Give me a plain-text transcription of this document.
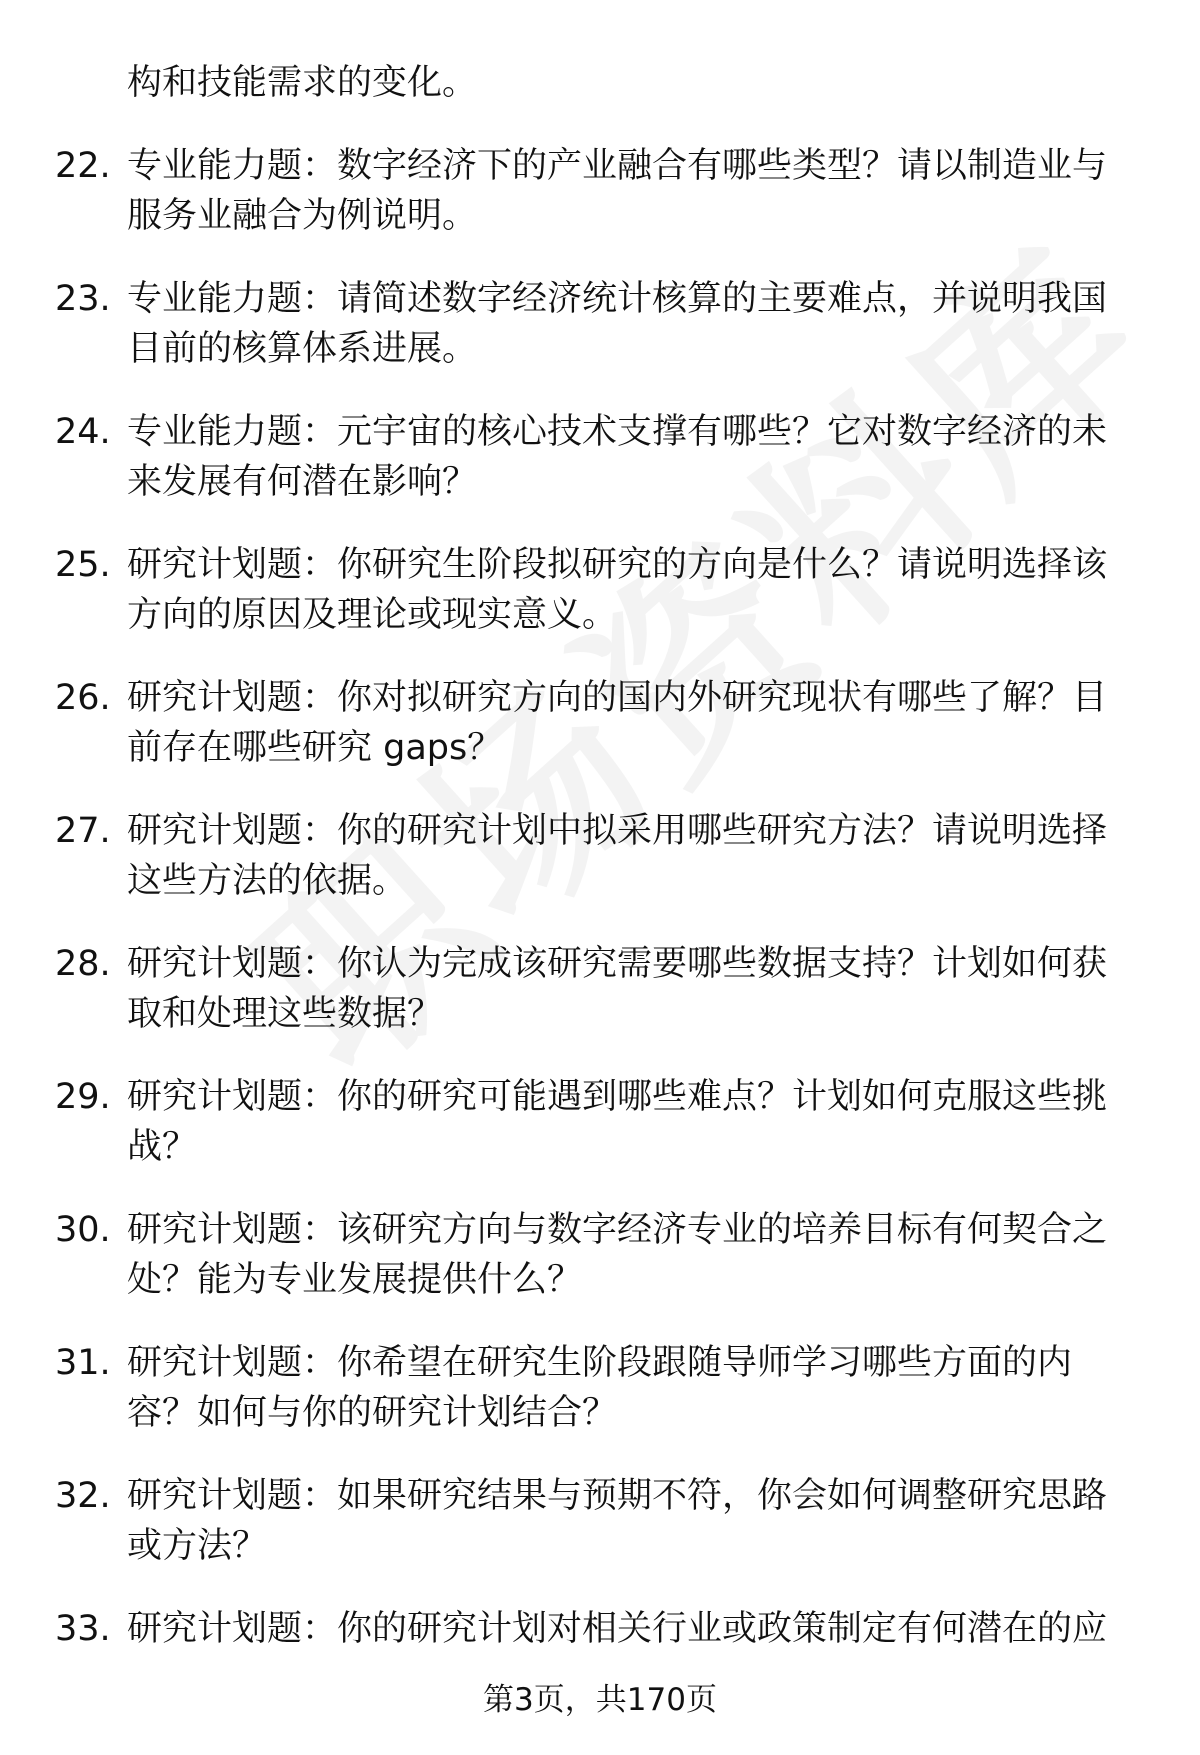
构和技能需求的变化。
22. 专业能力题：数字经济下的产业融合有哪些类型？请以制造业与服务业融合为例说明。
23. 专业能力题：请简述数字经济统计核算的主要难点，并说明我国目前的核算体系进展。
24. 专业能力题：元宇宙的核心技术支撑有哪些？它对数字经济的未来发展有何潜在影响？
25. 研究计划题：你研究生阶段拟研究的方向是什么？请说明选择该方向的原因及理论或现实意义。
26. 研究计划题：你对拟研究方向的国内外研究现状有哪些了解？目前存在哪些研究 gaps？
27. 研究计划题：你的研究计划中拟采用哪些研究方法？请说明选择这些方法的依据。
28. 研究计划题：你认为完成该研究需要哪些数据支持？计划如何获取和处理这些数据？
29. 研究计划题：你的研究可能遇到哪些难点？计划如何克服这些挑战？
30. 研究计划题：该研究方向与数字经济专业的培养目标有何契合之处？能为专业发展提供什么？
31. 研究计划题：你希望在研究生阶段跟随导师学习哪些方面的内容？如何与你的研究计划结合？
32. 研究计划题：如果研究结果与预期不符，你会如何调整研究思路或方法？
33. 研究计划题：你的研究计划对相关行业或政策制定有何潜在的应
第3页，共170页
